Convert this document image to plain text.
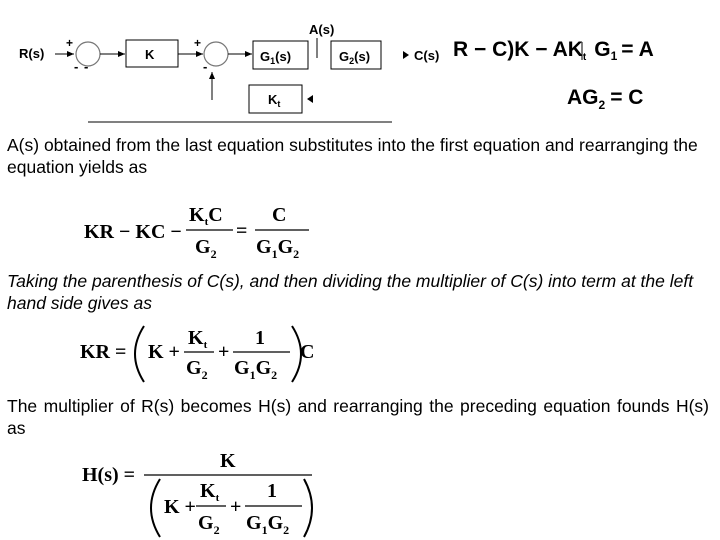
R(s)
+
- -
K
+
-
$G_1(s)$
A(s)
$G_2(s)$	C(s)
$K_t$
R − C)K − AKt G1 = A
$AG_2 = C$

A(s) obtained from the last equation substitutes into the first equation and rearranging the equation yields as

KR − KC −
$K_tC$
$G_2$
=
C
$G_1G_2$

Taking the parenthesis of C(s), and then dividing the multiplier of C(s) into term at the left hand side gives as

KR = K +
$K_t$
$G_2$
+
1
$G_1G_2$
C

The multiplier of R(s) becomes H(s) and rearranging the preceding equation founds H(s) as

H(s) =
K
K +
$K_t$
$G_2$
+
1
$G_1G_2$
